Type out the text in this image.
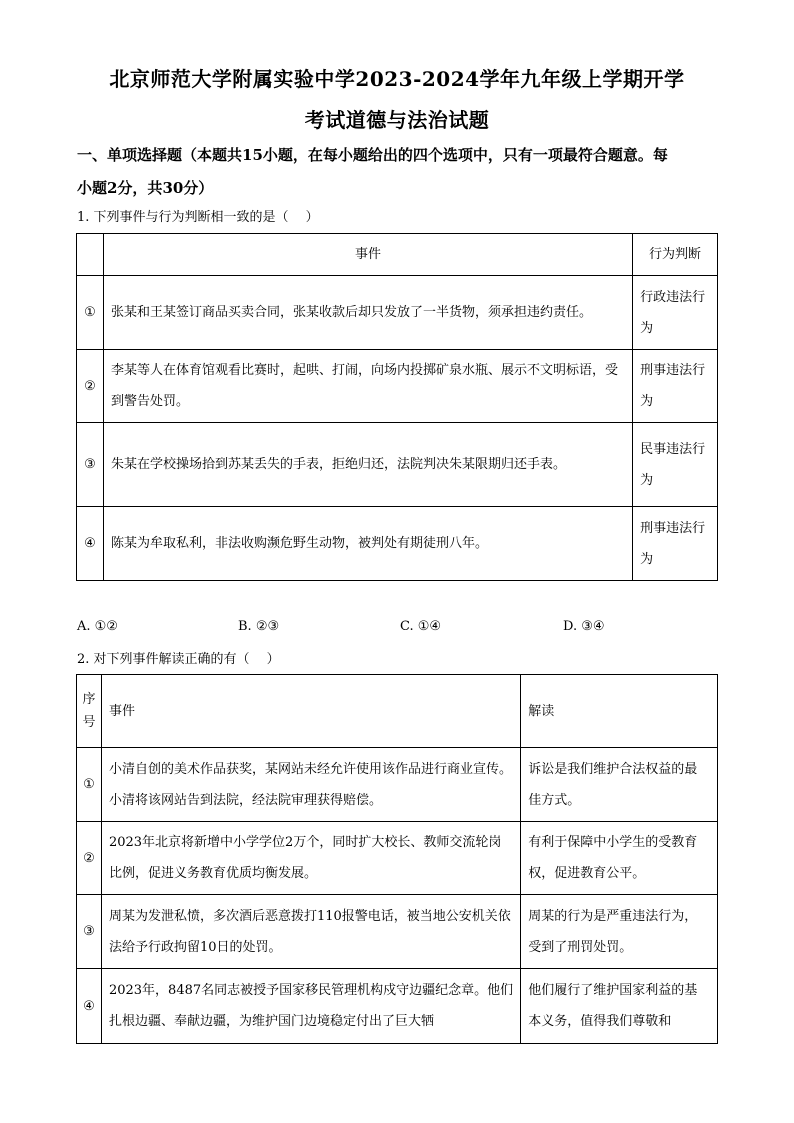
北京师范大学附属实验中学2023-2024学年九年级上学期开学
考试道德与法治试题
一、单项选择题（本题共15小题，在每小题给出的四个选项中，只有一项最符合题意。每
小题2分，共30分）
1. 下列事件与行为判断相一致的是（　 ）
	事件	行为判断
①	张某和王某签订商品买卖合同，张某收款后却只发放了一半货物，须承担违约责任。	行政违法行为
②	李某等人在体育馆观看比赛时，起哄、打闹，向场内投掷矿泉水瓶、展示不文明标语，受到警告处罚。	刑事违法行为
③	朱某在学校操场拾到苏某丢失的手表，拒绝归还，法院判决朱某限期归还手表。	民事违法行为
④	陈某为牟取私利，非法收购濒危野生动物，被判处有期徒刑八年。	刑事违法行为
A. ①②	B. ②③	C. ①④	D. ③④
2. 对下列事件解读正确的有（　 ）
序号	事件	解读
①	小清自创的美术作品获奖，某网站未经允许使用该作品进行商业宣传。小清将该网站告到法院，经法院审理获得赔偿。	诉讼是我们维护合法权益的最佳方式。
②	2023年北京将新增中小学学位2万个，同时扩大校长、教师交流轮岗比例，促进义务教育优质均衡发展。	有利于保障中小学生的受教育权，促进教育公平。
③	周某为发泄私愤，多次酒后恶意拨打110报警电话，被当地公安机关依法给予行政拘留10日的处罚。	周某的行为是严重违法行为，受到了刑罚处罚。
④	2023年，8487名同志被授予国家移民管理机构戍守边疆纪念章。他们扎根边疆、奉献边疆，为维护国门边境稳定付出了巨大牺	他们履行了维护国家利益的基本义务，值得我们尊敬和
